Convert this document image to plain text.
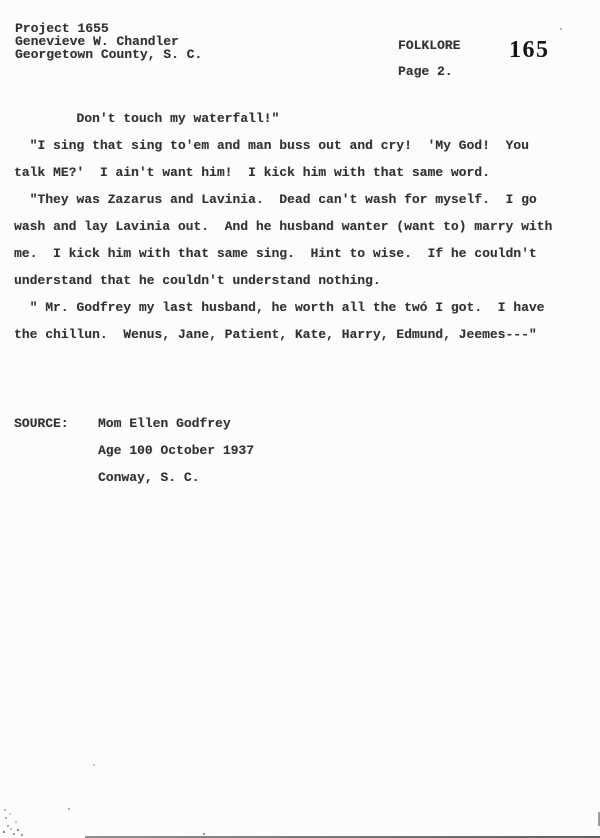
Project 1655
Genevieve W. Chandler
Georgetown County, S. C.
FOLKLORE
Page 2.
165
Don't touch my waterfall!"
"I sing that sing to'em and man buss out and cry!  'My God!  You
talk ME?'  I ain't want him!  I kick him with that same word.
"They was Zazarus and Lavinia.  Dead can't wash for myself.  I go
wash and lay Lavinia out.  And he husband wanter (want to) marry with
me.  I kick him with that same sing.  Hint to wise.  If he couldn't
understand that he couldn't understand nothing.
" Mr. Godfrey my last husband, he worth all the twó I got.  I have
the chillun.  Wenus, Jane, Patient, Kate, Harry, Edmund, Jeemes---"
SOURCE:	Mom Ellen Godfrey
Age 100 October 1937
Conway, S. C.
